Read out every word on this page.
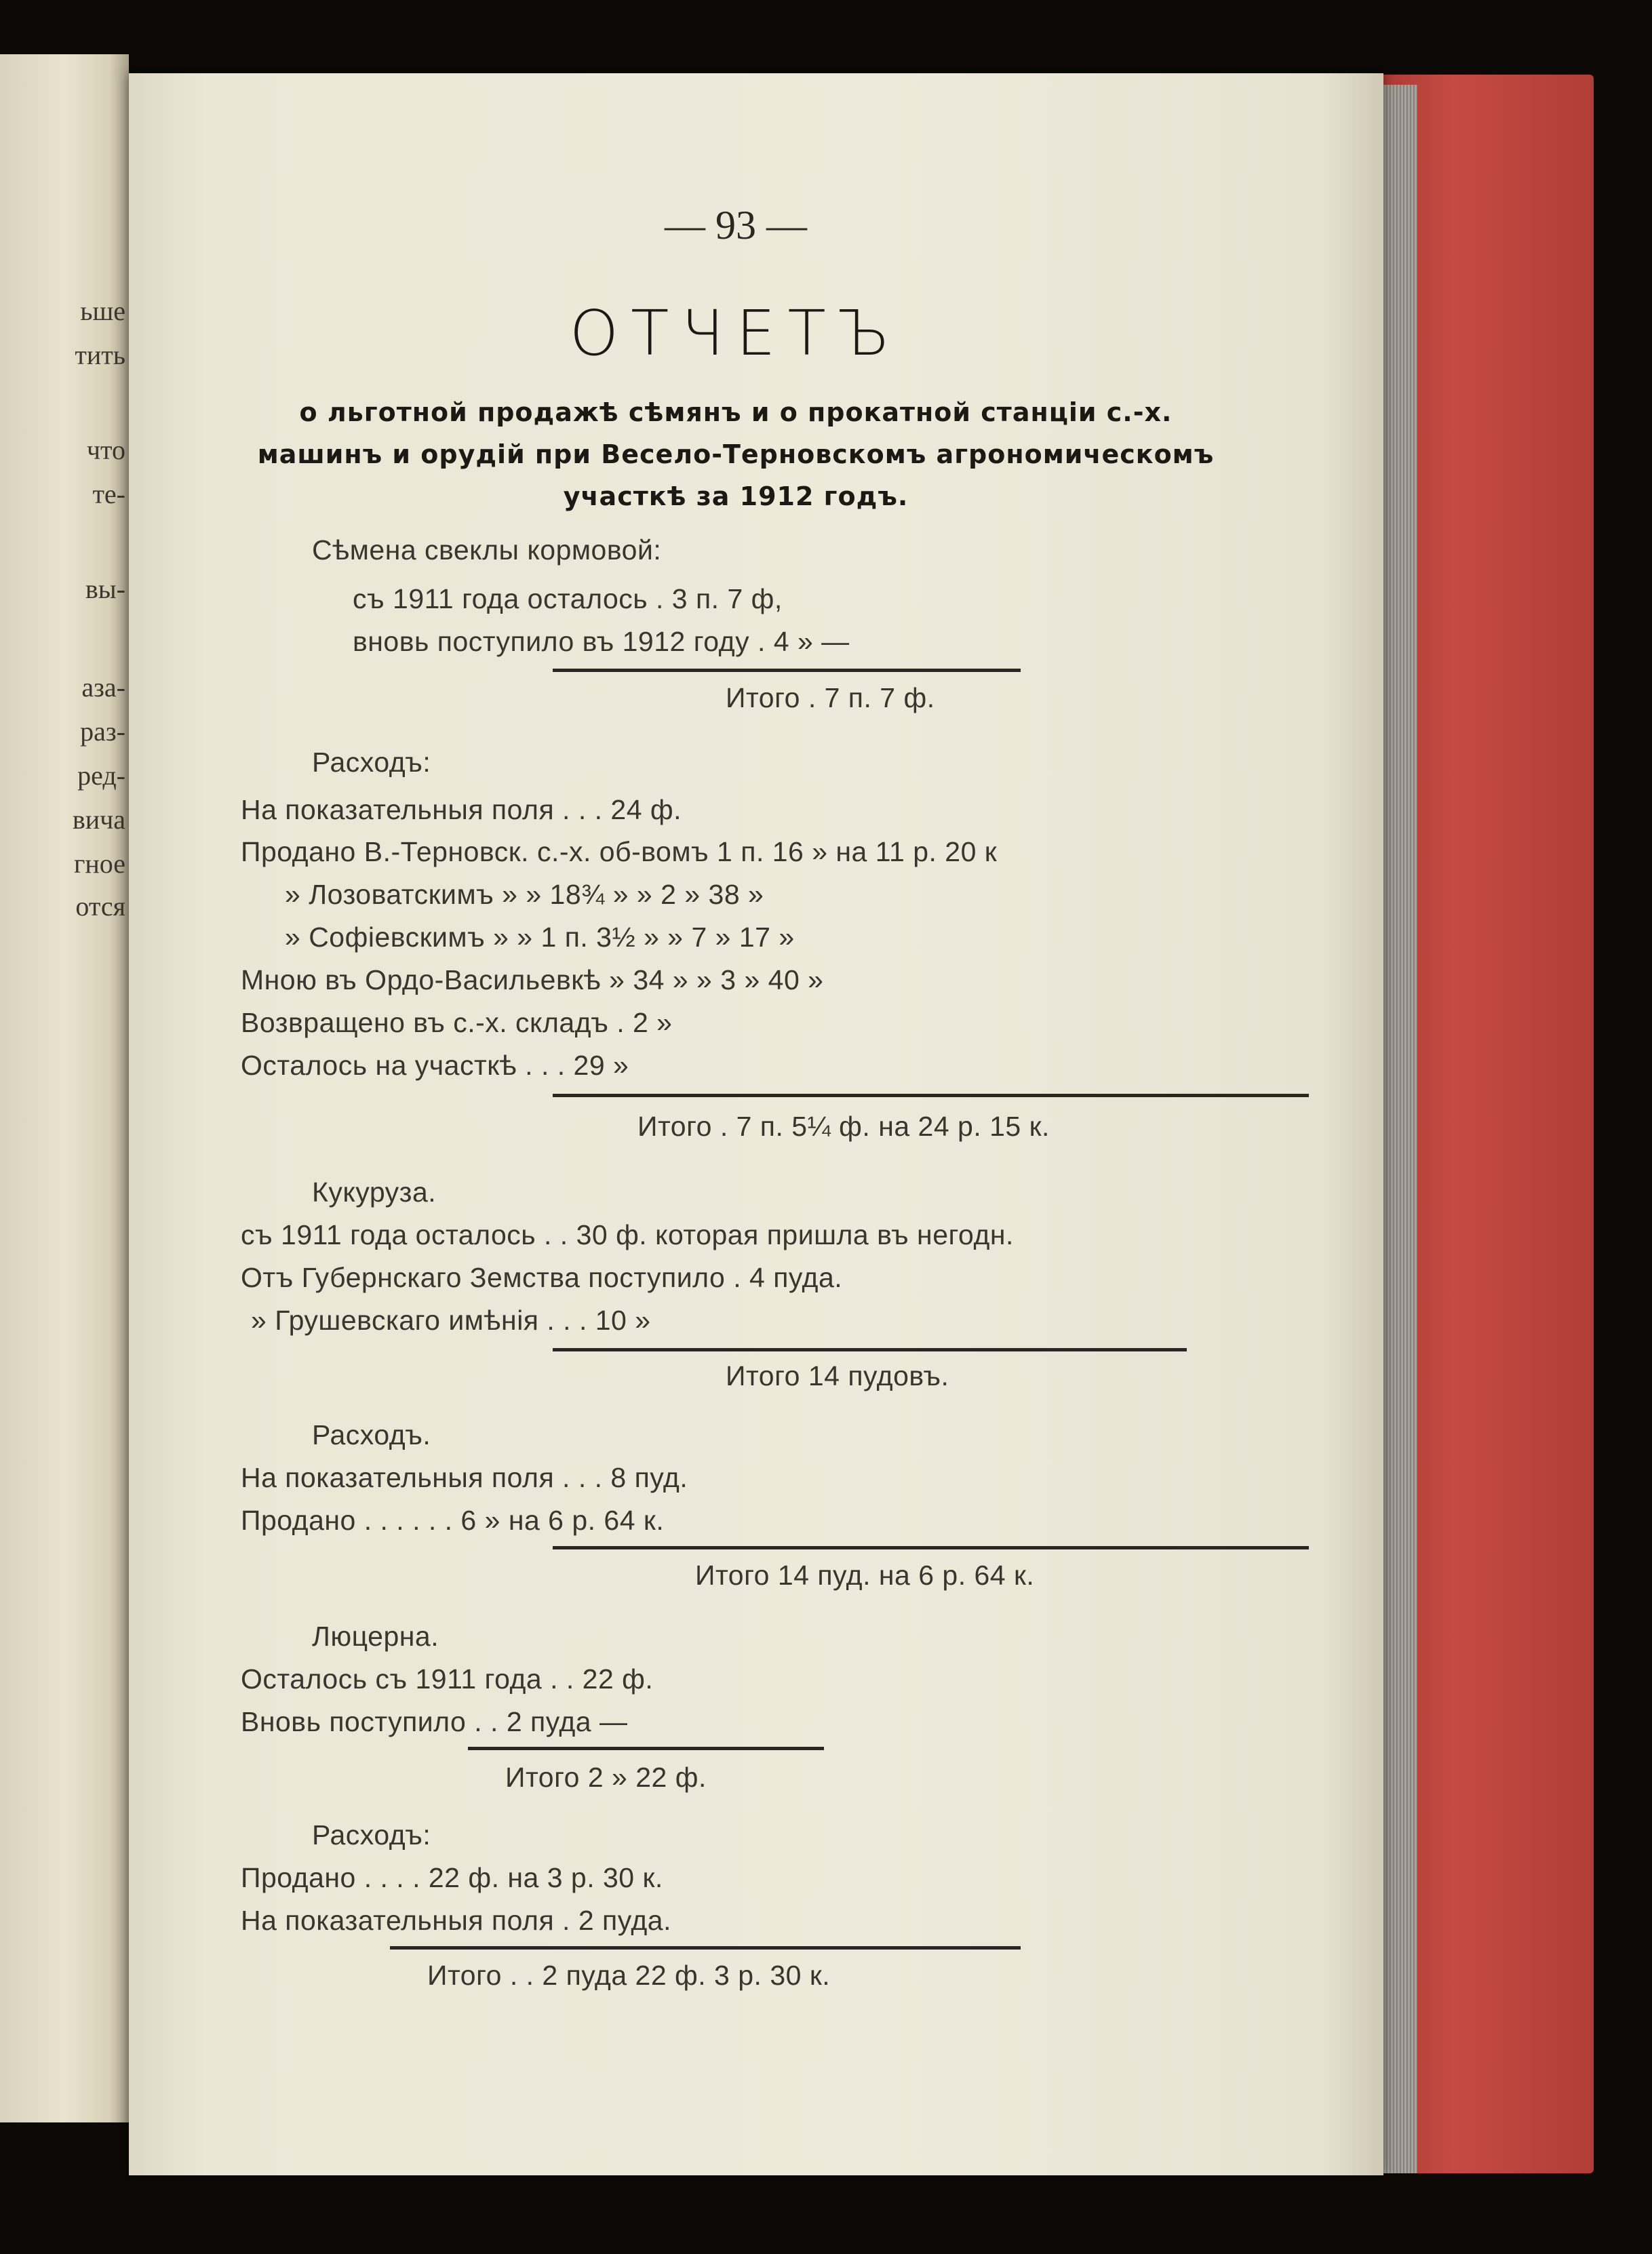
ьше
тить
что
те-
вы-
аза-
раз-
ред-
вича
гное
отся
— 93 —
ОТЧЕТЪ
о льготной продажѣ сѣмянъ и о прокатной станціи с.-х.
машинъ и орудій при Весело-Терновскомъ агрономическомъ
участкѣ за 1912 годъ.
Сѣмена свеклы кормовой:
съ 1911 года осталось . 3 п. 7 ф,
вновь поступило въ 1912 году . 4 » —
Итого . 7 п. 7 ф.
Расходъ:
На показательныя поля . . . 24 ф.
Продано В.-Терновск. с.-х. об-вомъ 1 п. 16 » на 11 р. 20 к
» Лозоватскимъ » » 18¾ » » 2 » 38 »
» Софіевскимъ » » 1 п. 3½ » » 7 » 17 »
Мною въ Ордо-Васильевкѣ » 34 » » 3 » 40 »
Возвращено въ с.-х. складъ . 2 »
Осталось на участкѣ . . . 29 »
Итого . 7 п. 5¼ ф. на 24 р. 15 к.
Кукуруза.
съ 1911 года осталось . . 30 ф. которая пришла въ негодн.
Отъ Губернскаго Земства поступило . 4 пуда.
» Грушевскаго имѣнія . . . 10 »
Итого 14 пудовъ.
Расходъ.
На показательныя поля . . . 8 пуд.
Продано . . . . . . 6 » на 6 р. 64 к.
Итого 14 пуд. на 6 р. 64 к.
Люцерна.
Осталось съ 1911 года . . 22 ф.
Вновь поступило . . 2 пуда —
Итого 2 » 22 ф.
Расходъ:
Продано . . . . 22 ф. на 3 р. 30 к.
На показательныя поля . 2 пуда.
Итого . . 2 пуда 22 ф. 3 р. 30 к.
